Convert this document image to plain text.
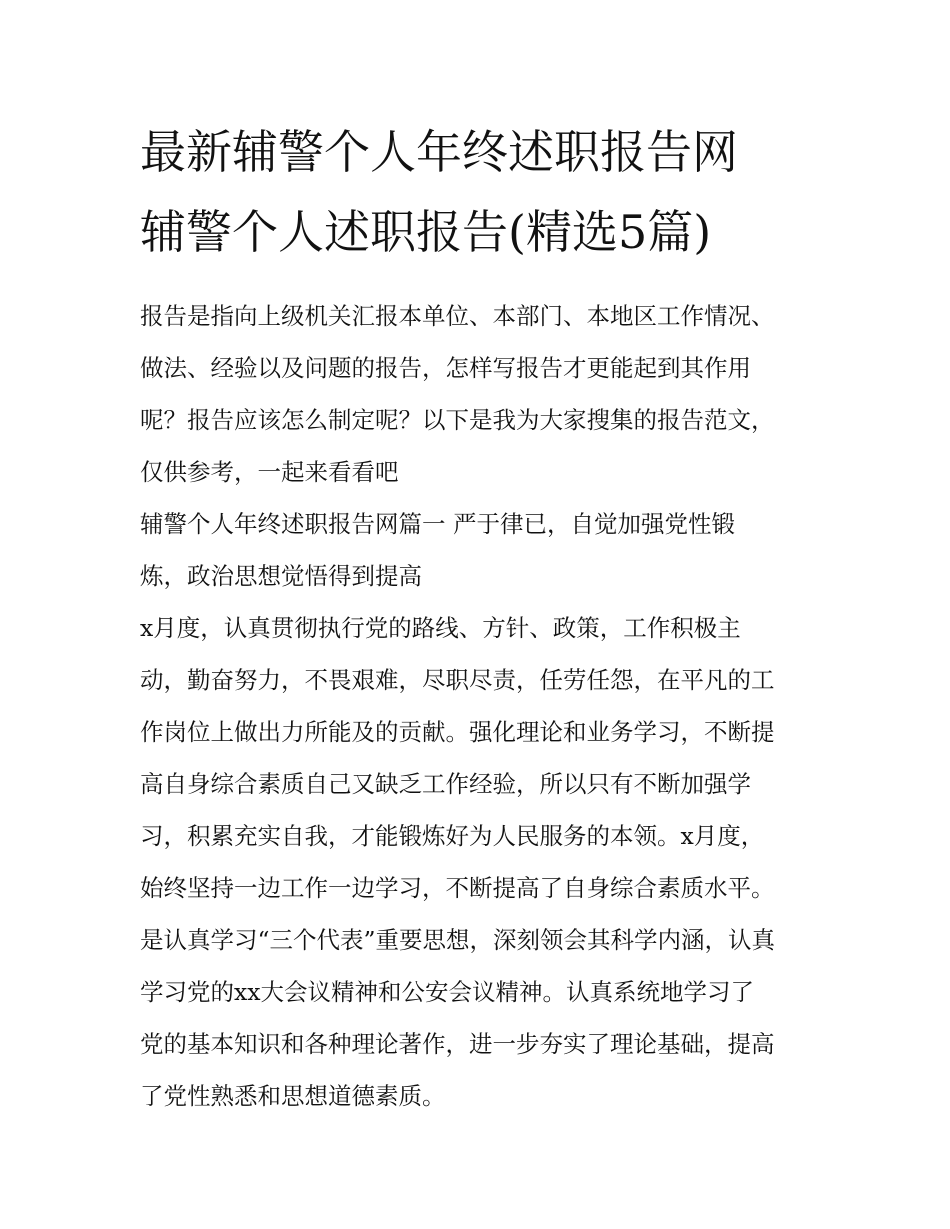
最新辅警个人年终述职报告网
辅警个人述职报告(精选5篇)
报告是指向上级机关汇报本单位、本部门、本地区工作情况、
做法、经验以及问题的报告，怎样写报告才更能起到其作用
呢？报告应该怎么制定呢？以下是我为大家搜集的报告范文，
仅供参考，一起来看看吧
辅警个人年终述职报告网篇一 严于律已，自觉加强党性锻
炼，政治思想觉悟得到提高
x月度，认真贯彻执行党的路线、方针、政策，工作积极主
动，勤奋努力，不畏艰难，尽职尽责，任劳任怨，在平凡的工
作岗位上做出力所能及的贡献。强化理论和业务学习，不断提
高自身综合素质自己又缺乏工作经验，所以只有不断加强学
习，积累充实自我，才能锻炼好为人民服务的本领。x月度，
始终坚持一边工作一边学习，不断提高了自身综合素质水平。
是认真学习“三个代表”重要思想，深刻领会其科学内涵，认真
学习党的xx大会议精神和公安会议精神。认真系统地学习了
党的基本知识和各种理论著作，进一步夯实了理论基础，提高
了党性熟悉和思想道德素质。
